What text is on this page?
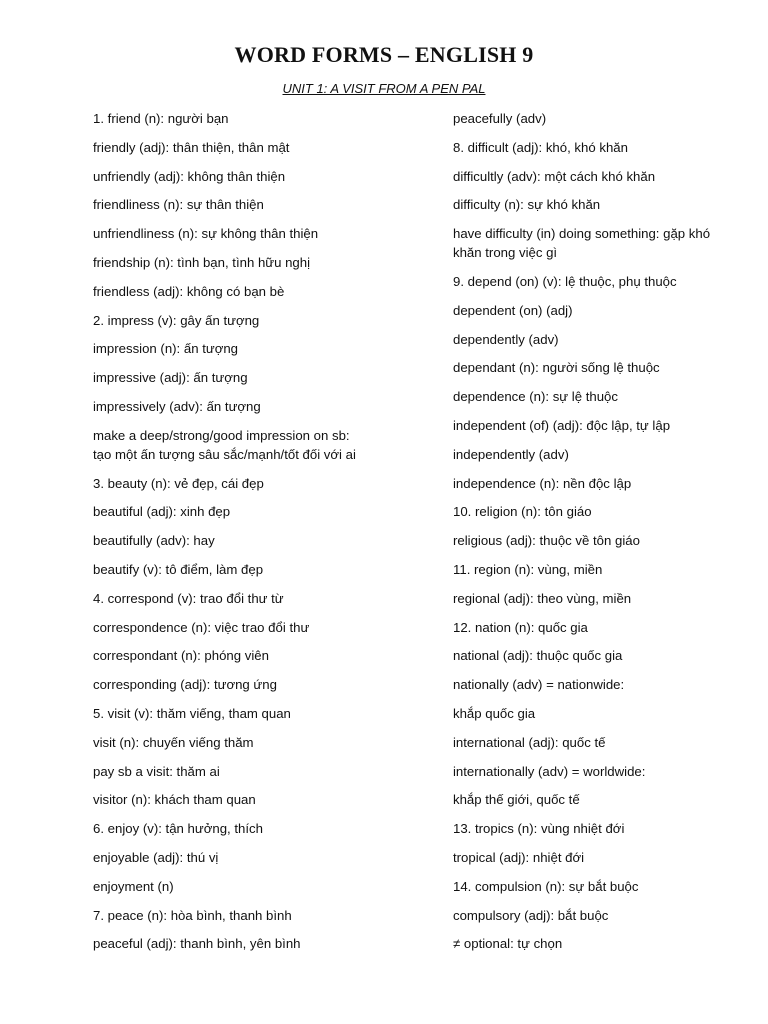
WORD FORMS – ENGLISH 9
UNIT 1: A VISIT FROM A PEN PAL
1. friend (n): người bạn
friendly (adj): thân thiện, thân mật
unfriendly (adj): không thân thiện
friendliness (n): sự thân thiện
unfriendliness (n): sự không thân thiện
friendship (n): tình bạn, tình hữu nghị
friendless (adj): không có bạn bè
2. impress (v): gây ấn tượng
impression (n): ấn tượng
impressive (adj): ấn tượng
impressively (adv): ấn tượng
make a deep/strong/good impression on sb: tạo một ấn tượng sâu sắc/mạnh/tốt đối với ai
3. beauty (n): vẻ đẹp, cái đẹp
beautiful (adj): xinh đẹp
beautifully (adv): hay
beautify (v): tô điểm, làm đẹp
4. correspond (v): trao đổi thư từ
correspondence (n): việc trao đổi thư
correspondant (n): phóng viên
corresponding (adj): tương ứng
5. visit (v): thăm viếng, tham quan
visit (n): chuyến viếng thăm
pay sb a visit: thăm ai
visitor (n): khách tham quan
6. enjoy (v): tận hưởng, thích
enjoyable (adj): thú vị
enjoyment (n)
7. peace (n): hòa bình, thanh bình
peaceful (adj): thanh bình, yên bình
peacefully (adv)
8. difficult (adj): khó, khó khăn
difficultly (adv): một cách khó khăn
difficulty (n): sự khó khăn
have difficulty (in) doing something: gặp khó khăn trong việc gì
9. depend (on) (v): lệ thuộc, phụ thuộc
dependent (on) (adj)
dependently (adv)
dependant (n): người sống lệ thuộc
dependence (n): sự lệ thuộc
independent (of) (adj): độc lập, tự lập
independently (adv)
independence (n): nền độc lập
10. religion (n): tôn giáo
religious (adj): thuộc về tôn giáo
11. region (n): vùng, miền
regional (adj): theo vùng, miền
12. nation (n): quốc gia
national (adj): thuộc quốc gia
nationally (adv) = nationwide:
khắp quốc gia
international (adj): quốc tế
internationally (adv) = worldwide:
khắp thế giới, quốc tế
13. tropics (n): vùng nhiệt đới
tropical (adj): nhiệt đới
14. compulsion (n): sự bắt buộc
compulsory (adj): bắt buộc
≠ optional: tự chọn
